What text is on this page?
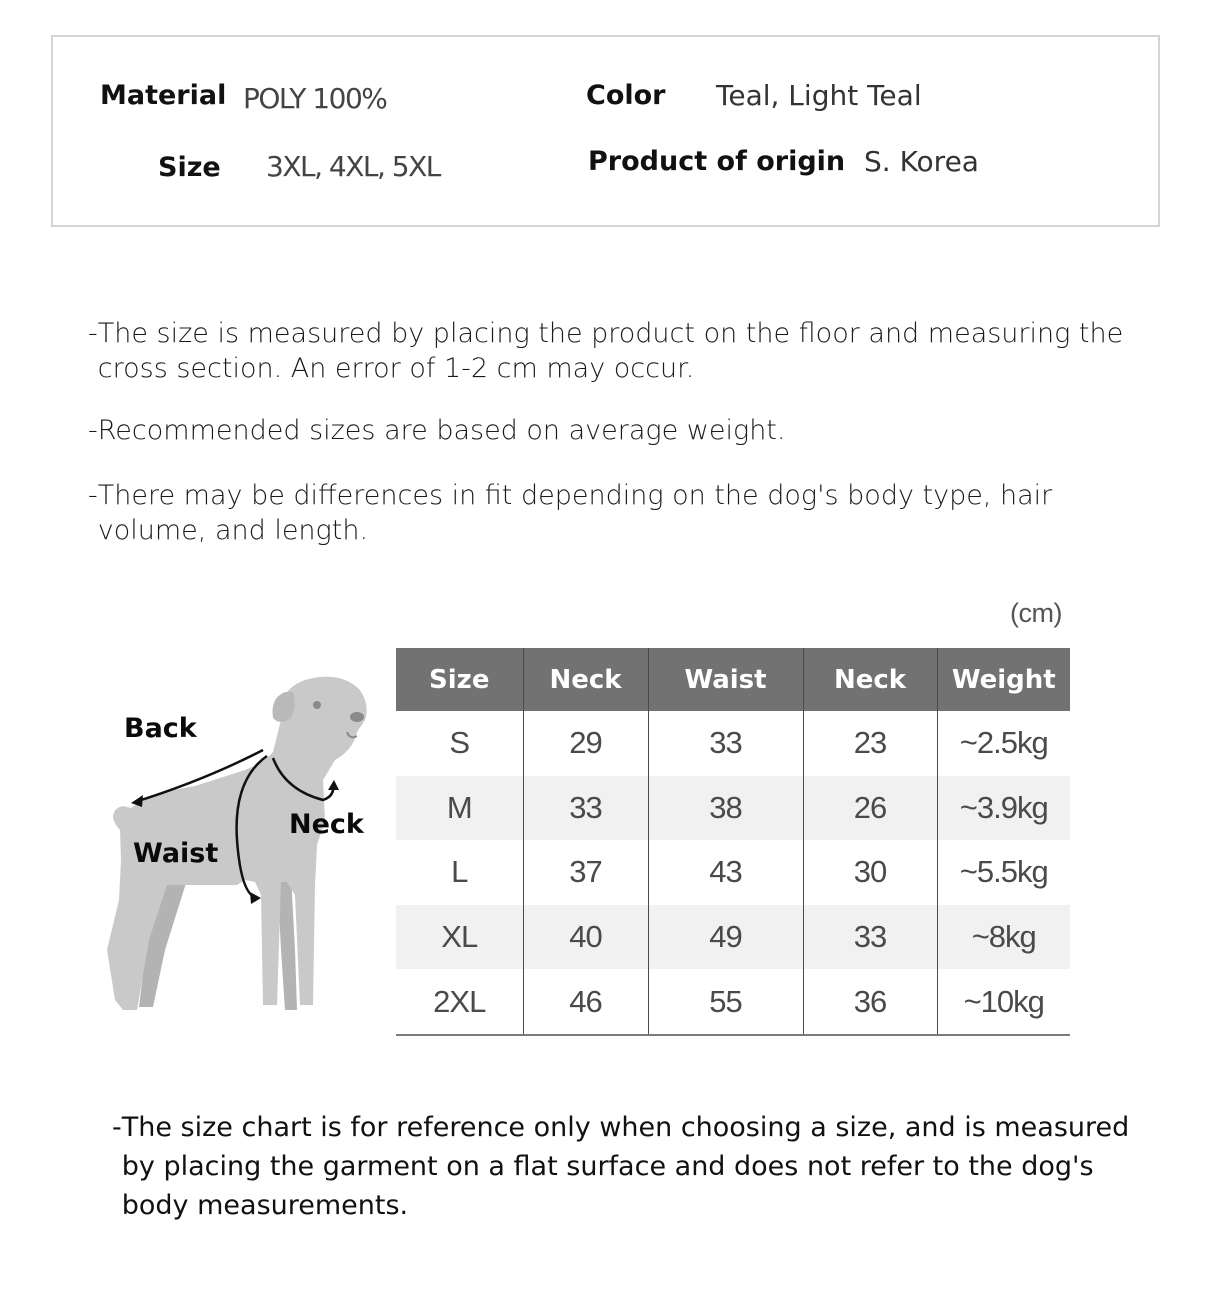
Material POLY 100%	Color Teal, Light Teal
Size 3XL, 4XL, 5XL	Product of origin S. Korea
- The size is measured by placing the product on the floor and measuring the cross section. An error of 1-2 cm may occur.
- Recommended sizes are based on average weight.
- There may be differences in fit depending on the dog's body type, hair volume, and length.
(cm)
Back
Neck
Waist
Size	Neck	Waist	Neck	Weight
S	29	33	23	~2.5kg
M	33	38	26	~3.9kg
L	37	43	30	~5.5kg
XL	40	49	33	~8kg
2XL	46	55	36	~10kg
- The size chart is for reference only when choosing a size, and is measured by placing the garment on a flat surface and does not refer to the dog's body measurements.
